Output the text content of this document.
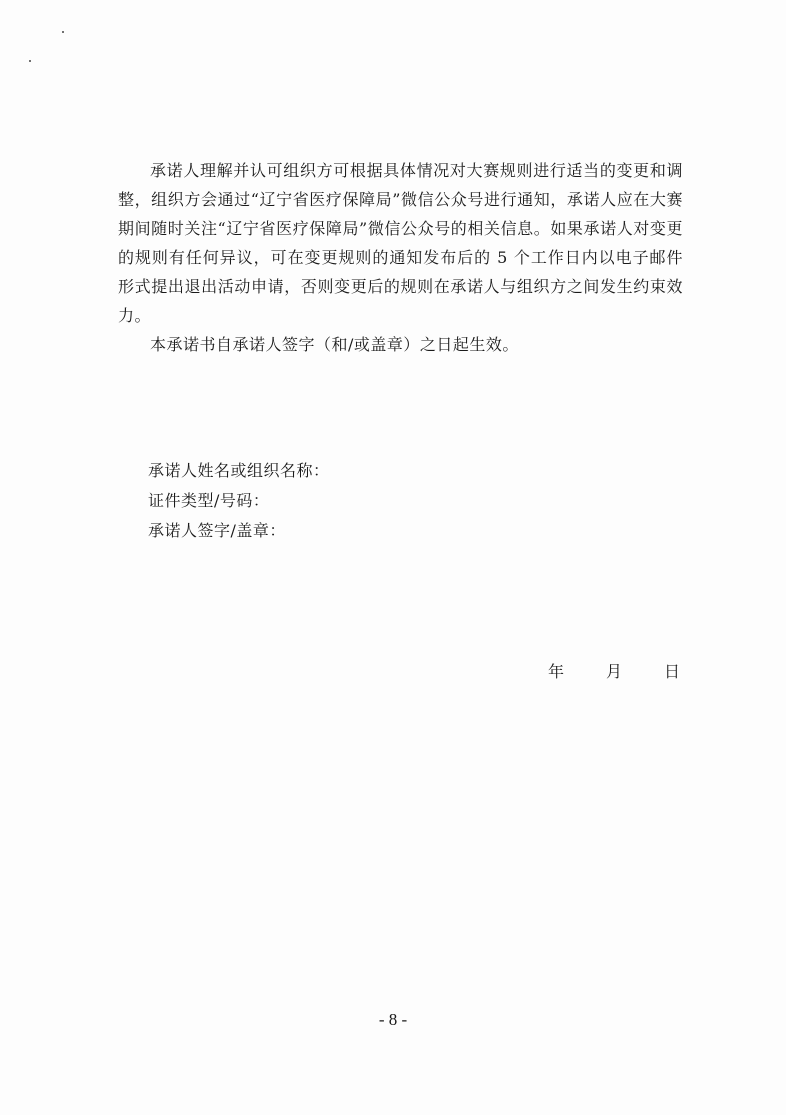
承诺人理解并认可组织方可根据具体情况对大赛规则进行适当的变更和调整，组织方会通过“辽宁省医疗保障局”微信公众号进行通知，承诺人应在大赛期间随时关注“辽宁省医疗保障局”微信公众号的相关信息。如果承诺人对变更的规则有任何异议，可在变更规则的通知发布后的 5 个工作日内以电子邮件形式提出退出活动申请，否则变更后的规则在承诺人与组织方之间发生约束效力。

本承诺书自承诺人签字（和/或盖章）之日起生效。

承诺人姓名或组织名称：

证件类型/号码：

承诺人签字/盖章：

年	月	日
- 8 -
